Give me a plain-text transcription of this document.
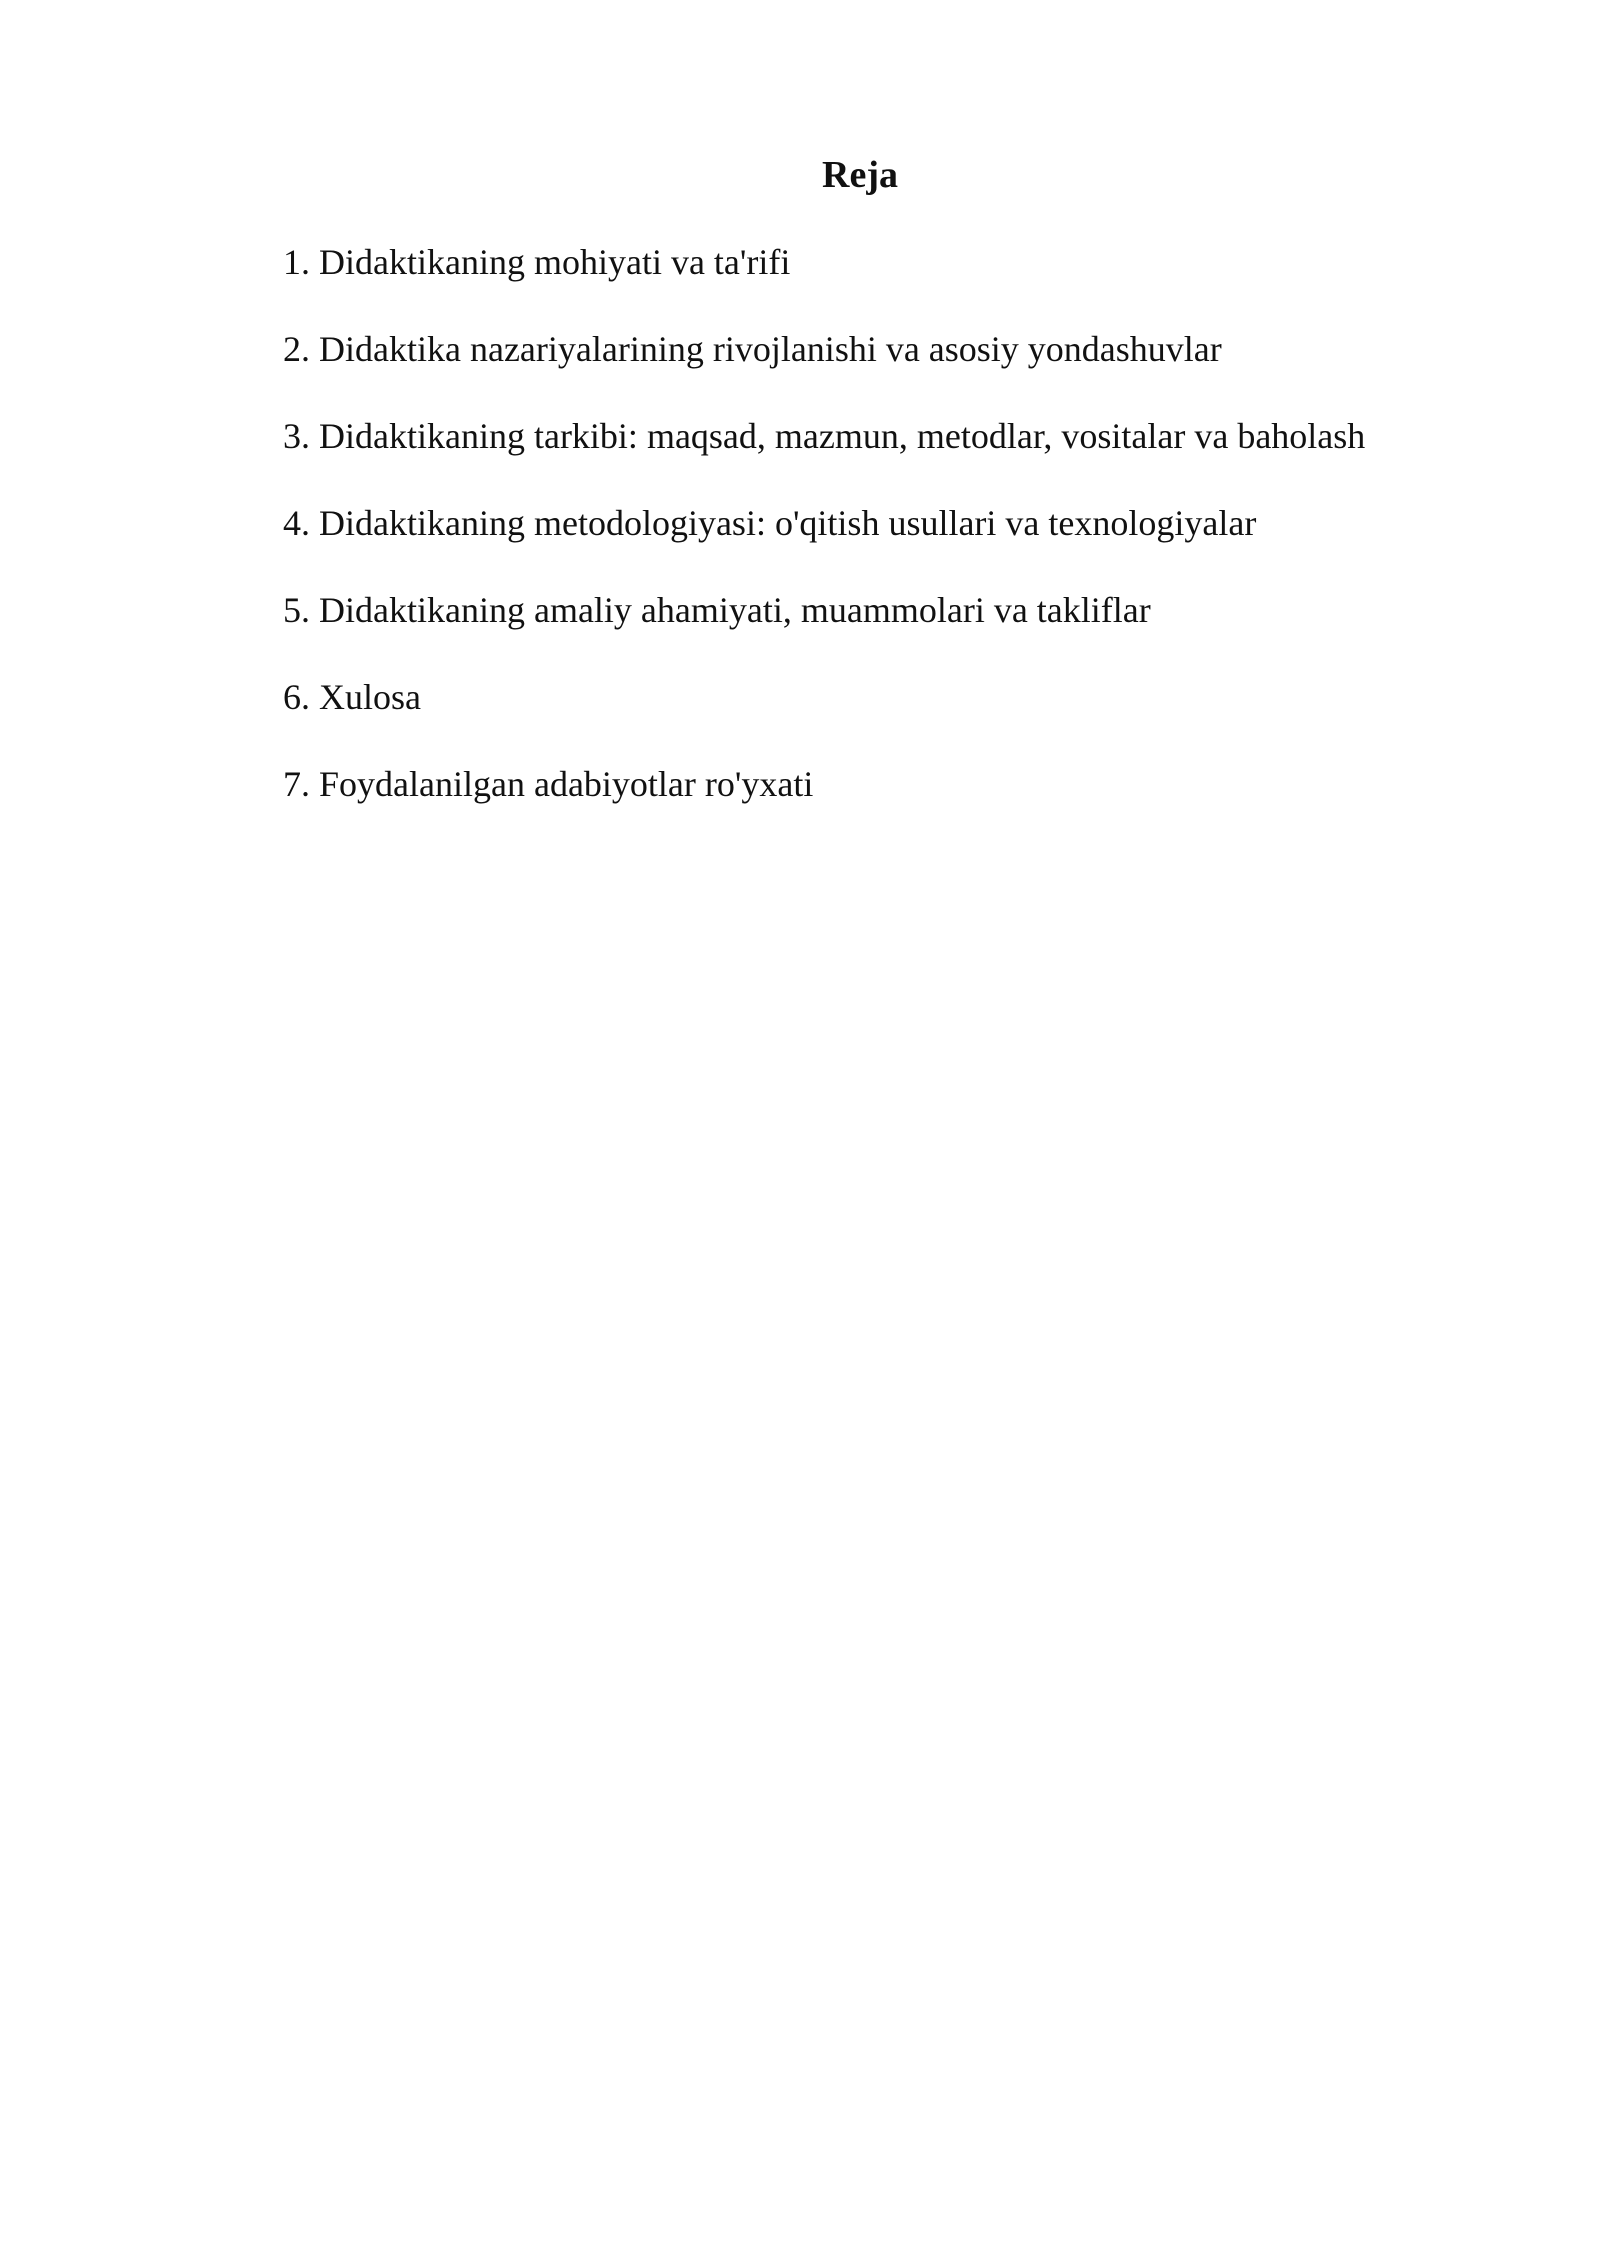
Reja
1. Didaktikaning mohiyati va ta'rifi
2. Didaktika nazariyalarining rivojlanishi va asosiy yondashuvlar
3. Didaktikaning tarkibi: maqsad, mazmun, metodlar, vositalar va baholash
4. Didaktikaning metodologiyasi: o'qitish usullari va texnologiyalar
5. Didaktikaning amaliy ahamiyati, muammolari va takliflar
6. Xulosa
7. Foydalanilgan adabiyotlar ro'yxati
